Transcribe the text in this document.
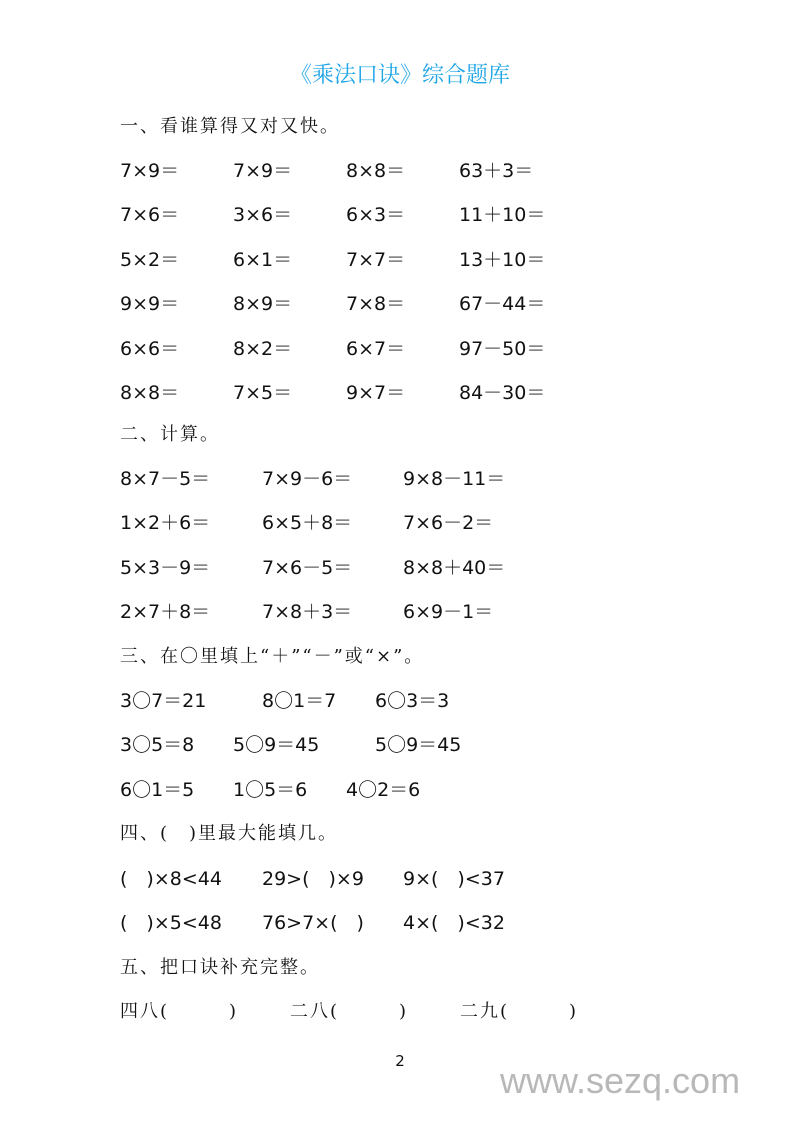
《乘法口诀》综合题库
一、看谁算得又对又快。
7×9＝	7×9＝	8×8＝	63＋3＝
7×6＝	3×6＝	6×3＝	11＋10＝
5×2＝	6×1＝	7×7＝	13＋10＝
9×9＝	8×9＝	7×8＝	67－44＝
6×6＝	8×2＝	6×7＝	97－50＝
8×8＝	7×5＝	9×7＝	84－30＝
二、计算。
8×7－5＝	7×9－6＝	9×8－11＝
1×2＋6＝	6×5＋8＝	7×6－2＝
5×3－9＝	7×6－5＝	8×8＋40＝
2×7＋8＝	7×8＋3＝	6×9－1＝
三、在〇里填上“＋”“－”或“×”。
3〇7＝21	8〇1＝7 6〇3＝3
3〇5＝8 5〇9＝45	5〇9＝45
6〇1＝5 1〇5＝6 4〇2＝6
四、(　)里最大能填几。
(　)×8<44 29>(　)×9 9×(　)<37
(　)×5<48 76>7×(　) 4×(　)<32
五、把口诀补充完整。
四八(　　　)	二八(　　　)	二九(　　　)
2	www.sezq.com
